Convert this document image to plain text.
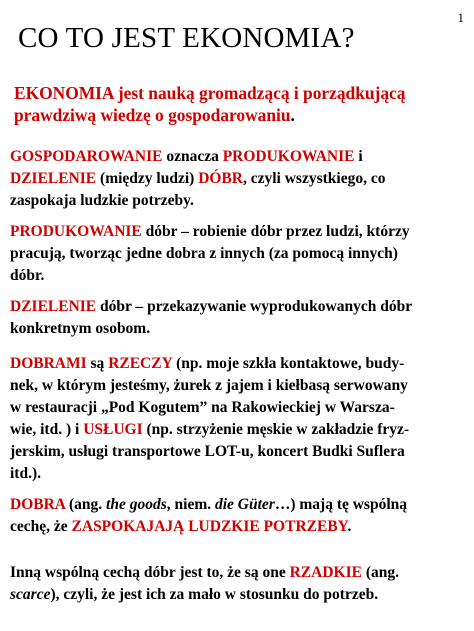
1
CO TO JEST EKONOMIA?
EKONOMIA jest nauką gromadzącą i porządkującą
prawdziwą wiedzę o gospodarowaniu.
GOSPODAROWANIE oznacza PRODUKOWANIE i
DZIELENIE (między ludzi) DÓBR, czyli wszystkiego, co
zaspokaja ludzkie potrzeby.
PRODUKOWANIE dóbr – robienie dóbr przez ludzi, którzy
pracują, tworząc jedne dobra z innych (za pomocą innych)
dóbr.
DZIELENIE dóbr – przekazywanie wyprodukowanych dóbr
konkretnym osobom.
DOBRAMI są RZECZY (np. moje szkła kontaktowe, budy-
nek, w którym jesteśmy, żurek z jajem i kiełbasą serwowany
w restauracji „Pod Kogutem” na Rakowieckiej w Warsza-
wie, itd. ) i USŁUGI (np. strzyżenie męskie w zakładzie fryz-
jerskim, usługi transportowe LOT-u, koncert Budki Suflera
itd.).
DOBRA (ang. the goods, niem. die Güter…) mają tę wspólną
cechę, że ZASPOKAJAJĄ LUDZKIE POTRZEBY.
Inną wspólną cechą dóbr jest to, że są one RZADKIE (ang.
scarce), czyli, że jest ich za mało w stosunku do potrzeb.
